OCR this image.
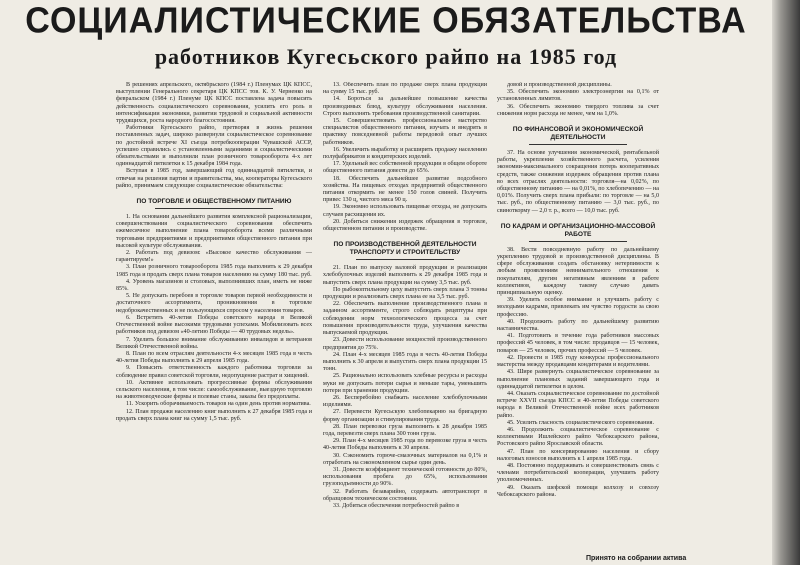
СОЦИАЛИСТИЧЕСКИЕ ОБЯЗАТЕЛЬСТВА
работников Кугесьского райпо на 1985 год

В решениях апрельского, октябрьского (1984 г.) Пленумах ЦК КПСС, выступлении Генерального секретаря ЦК КПСС тов. К. У. Черненко на февральском (1984 г.) Пленуме ЦК КПСС поставлена задача повысить действенность социалистического соревнования, усилить его роль в интенсификации экономики, развитии трудовой и социальной активности трудящихся, роста народного благосостояния.

Работники Кугесьского райпо, претворяя в жизнь решения поставленных задач, широко развернули социалистическое соревнование по достойной встрече XI съезда потребкооперации Чувашской АССР, успешно справились с установленными заданиями и социалистическими обязательствами и выполнили план розничного товарооборота 4-х лет одиннадцатой пятилетки к 15 декабря 1984 года.

Вступая в 1985 год, завершающий год одиннадцатой пятилетки, и отвечая на решения партии и правительства, мы, кооператоры Кугесьского райпо, принимаем следующие социалистические обязательства:

ПО ТОРГОВЛЕ И ОБЩЕСТВЕННОМУ ПИТАНИЮ

1. На основании дальнейшего развития комплексной рационализации, совершенствования социалистического соревнования обеспечить ежемесячное выполнение плана товарооборота всеми различными торговыми предприятиями и предприятиями общественного питания при высокой культуре обслуживания.

2. Работать под девизом: «Высокое качество обслуживания — гарантируем!»

3. План розничного товарооборота 1985 года выполнить к 29 декабря 1985 года и продать сверх плана товаров населению на сумму 180 тыс. руб.

4. Уровень магазинов и столовых, выполнивших план, иметь не ниже 85%.

5. Не допускать перебоев в торговле товаров первой необходимости и достаточного ассортимента, проникновения в торговле недоброкачественных и не пользующихся спросом у населения товаров.

6. Встретить 40-летия Победы советского народа в Великой Отечественной войне высокими трудовыми успехами. Мобилизовать всех работников под девизом «40-летию Победы — 40 трудовых недель».

7. Уделить большое внимание обслуживанию инвалидов и ветеранов Великой Отечественной войны.

8. План по всем отраслям деятельности 4-х месяцев 1985 года в честь 40-летия Победы выполнить к 29 апреля 1985 года.

9. Повысить ответственность каждого работника торговли за соблюдение правил советской торговли, недопущение растрат и хищений.

10. Активнее использовать прогрессивные формы обслуживания сельского населения, в том числе: самообслуживание, выездную торговлю на животноводческие фермы и полевые станы, заказы без предоплаты.

11. Ускорить оборачиваемость товаров на один день против норматива.

12. План продажи населению книг выполнить к 27 декабря 1985 года и продать сверх плана книг на сумму 1,5 тыс. руб.

13. Обеспечить план по продаже сверх плана продукции на сумму 15 тыс. руб.

14. Бороться за дальнейшее повышение качества производимых блюд, культуру обслуживания населения. Строго выполнять требования производственной санитарии.

15. Совершенствовать профессиональное мастерство специалистов общественного питания, изучать и внедрять в практику повседневной работы передовой опыт лучших работников.

16. Увеличить выработку и расширить продажу населению полуфабрикатов и кондитерских изделий.

17. Удельный вес собственной продукции в общем обороте общественного питания довести до 65%.

18. Обеспечить дальнейшее развитие подсобного хозяйства. На пищевых отходах предприятий общественного питания откормить не менее 150 голов свиней. Получить привес 130 ц, чистого мяса 90 ц.

19. Экономно использовать пищевые отходы, не допускать случаев расхищения их.

20. Добиться снижения издержек обращения в торговле, общественном питании и производстве.

ПО ПРОИЗВОДСТВЕННОЙ ДЕЯТЕЛЬНОСТИ ТРАНСПОРТУ И СТРОИТЕЛЬСТВУ

21. План по выпуску валовой продукции и реализации хлебобулочных изделий выполнить к 29 декабря 1985 года и выпустить сверх плана продукции на сумму 3,5 тыс. руб.

По рыбокоптильному цеху выпустить сверх плана 3 тонны продукции и реализовать сверх плана ее на 3,5 тыс. руб.

22. Обеспечить выполнение производственного плана в заданном ассортименте, строго соблюдать рецептуры при соблюдении норм технологического процесса за счет повышения производительности труда, улучшения качества выпускаемой продукции.

23. Довести использование мощностей производственного предприятия до 75%.

24. План 4-х месяцев 1985 года в честь 40-летия Победы выполнить к 30 апреля и выпустить сверх плана продукции 15 тонн.

25. Рационально использовать хлебные ресурсы и расходы муки не допускать потери сырья и меньше тары, уменьшить потери при хранении продукции.

26. Бесперебойно снабжать население хлебобулочными изделиями.

27. Перевести Кугесьскую хлебопекарню на бригадную форму организации и стимулирования труда.

28. План перевозки груза выполнить к 28 декабря 1985 года, перевезти сверх плана 300 тонн груза.

29. План 4-х месяцев 1985 года по перевозке груза в честь 40-летия Победы выполнить к 30 апреля.

30. Сэкономить горюче-смазочных материалов на 0,1% и отработать на сэкономленном сырье один день.

31. Довести коэффициент технической готовности до 80%, использования пробега до 65%, использования грузоподъемности до 90%.

32. Работать безаварийно, содержать автотранспорт в образцовом техническом состоянии.

33. Добиться обеспечения потребностей райпо в

довой и производственной дисциплины.

35. Обеспечить экономию электроэнергии на 0,1% от установленных лимитов.

36. Обеспечить экономию твердого топлива за счет снижения норм расхода не менее, чем на 1,0%.

ПО ФИНАНСОВОЙ И ЭКОНОМИЧЕСКОЙ ДЕЯТЕЛЬНОСТИ

37. На основе улучшения экономической, рентабельной работы, укрепления хозяйственного расчета, усиления экономии-максимального сокращения потерь кооперативных средств, также снижения издержек обращения против плана во всех отраслях деятельности: торговля—на 0,02%, по общественному питанию — на 0,01%, по хлебопечению — на 0,01%. Получить сверх плана прибыли: по торговле — на 5,0 тыс. руб., по общественному питанию — 3,0 тыс. руб., по свиноткорму — 2,0 т. р., всего — 10,0 тыс. руб.

ПО КАДРАМ И ОРГАНИЗАЦИОННО-МАССОВОЙ РАБОТЕ

38. Вести повседневную работу по дальнейшему укреплению трудовой и производственной дисциплины. В сфере обслуживания создать обстановку нетерпимости к любым проявлениям невнимательного отношения к покупателям, другим негативным явлениям в работе коллективов, каждому такому случаю давать принципиальную оценку.

39. Уделить особое внимание и улучшить работу с молодыми кадрами, привлекать им чувство гордости за свою профессию.

40. Продолжить работу по дальнейшему развитию наставничества.

41. Подготовить в течение года работников массовых профессий 45 человек, в том числе: продавцов — 15 человек, поваров — 25 человек, прочих профессий — 5 человек.

42. Провести в 1985 году конкурсы профессионального мастерства между продавцами кондитерами и водителями.

43. Шире развернуть социалистическое соревнование за выполнение плановых заданий завершающего года и одиннадцатой пятилетки в целом.

44. Оказать социалистическое соревнование по достойной встрече XXVII съезда КПСС и 40-летия Победы советского народа в Великой Отечественной войне всех работников райпо.

45. Усилить гласность социалистического соревнования.

46. Продолжить социалистическое соревнование с коллективами Ишлейского райпо Чебоксарского района, Ростовского райпо Ярославской области.

47. План по консервированию населения и сбору налоговых взносов выполнить к 1 апреля 1985 года.

48. Постоянно поддерживать и совершенствовать связь с членами потребительской кооперации, улучшить работу уполномоченных.

49. Оказать шефской помощи колхозу и совхозу Чебоксарского района.

Принято на собрании актива
